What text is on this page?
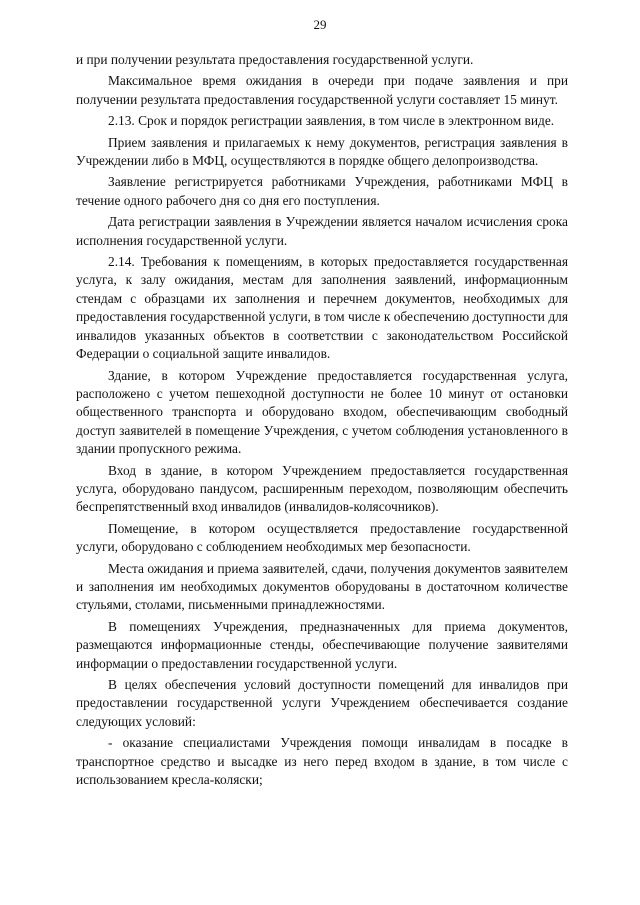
29

и при получении результата предоставления государственной услуги.

Максимальное время ожидания в очереди при подаче заявления и при получении результата предоставления государственной услуги составляет 15 минут.

2.13. Срок и порядок регистрации заявления, в том числе в электронном виде.

Прием заявления и прилагаемых к нему документов, регистрация заявления в Учреждении либо в МФЦ, осуществляются в порядке общего делопроизводства.

Заявление регистрируется работниками Учреждения, работниками МФЦ в течение одного рабочего дня со дня его поступления.

Дата регистрации заявления в Учреждении является началом исчисления срока исполнения государственной услуги.

2.14. Требования к помещениям, в которых предоставляется государственная услуга, к залу ожидания, местам для заполнения заявлений, информационным стендам с образцами их заполнения и перечнем документов, необходимых для предоставления государственной услуги, в том числе к обеспечению доступности для инвалидов указанных объектов в соответствии с законодательством Российской Федерации о социальной защите инвалидов.

Здание, в котором Учреждение предоставляется государственная услуга, расположено с учетом пешеходной доступности не более 10 минут от остановки общественного транспорта и оборудовано входом, обеспечивающим свободный доступ заявителей в помещение Учреждения, с учетом соблюдения установленного в здании пропускного режима.

Вход в здание, в котором Учреждением предоставляется государственная услуга, оборудовано пандусом, расширенным переходом, позволяющим обеспечить беспрепятственный вход инвалидов (инвалидов-колясочников).

Помещение, в котором осуществляется предоставление государственной услуги, оборудовано с соблюдением необходимых мер безопасности.

Места ожидания и приема заявителей, сдачи, получения документов заявителем и заполнения им необходимых документов оборудованы в достаточном количестве стульями, столами, письменными принадлежностями.

В помещениях Учреждения, предназначенных для приема документов, размещаются информационные стенды, обеспечивающие получение заявителями информации о предоставлении государственной услуги.

В целях обеспечения условий доступности помещений для инвалидов при предоставлении государственной услуги Учреждением обеспечивается создание следующих условий:

- оказание специалистами Учреждения помощи инвалидам в посадке в транспортное средство и высадке из него перед входом в здание, в том числе с использованием кресла-коляски;
